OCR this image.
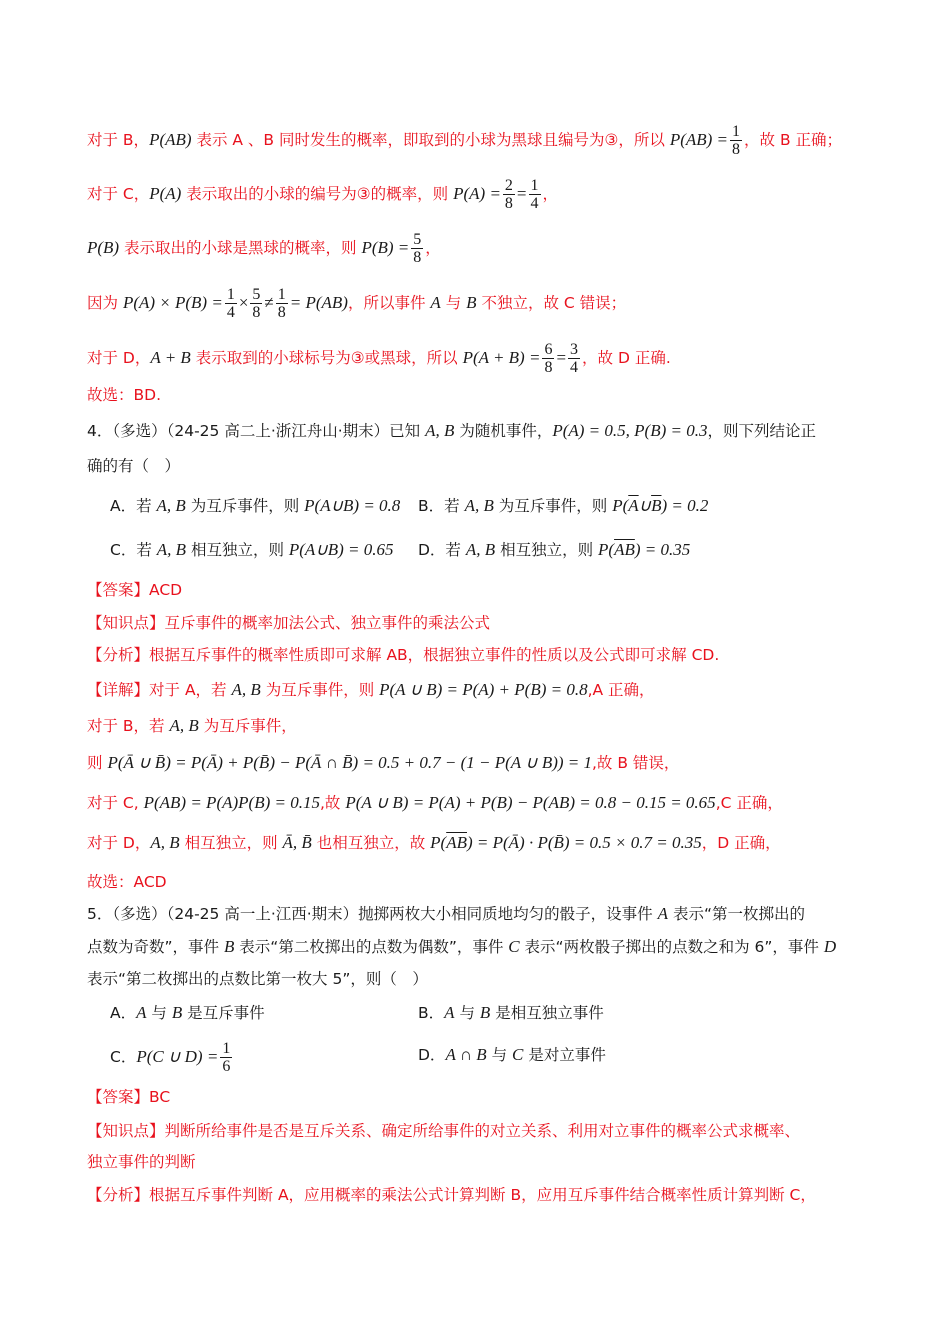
对于 B，P(AB) 表示 A 、B 同时发生的概率，即取到的小球为黑球且编号为③，所以 $P(AB) = \frac{1}{8}$ ，故 B 正确；
对于 C，P(A) 表示取出的小球的编号为③的概率，则 $P(A) = \frac{2}{8} = \frac{1}{4}$ ，
P(B) 表示取出的小球是黑球的概率，则 $P(B) = \frac{5}{8}$ ，
因为 $P(A) \times P(B) = \frac{1}{4} \times \frac{5}{8} \ne \frac{1}{8} = P(AB)$，所以事件 A 与 B 不独立，故 C 错误；
对于 D，A + B 表示取到的小球标号为③或黑球，所以 $P(A + B) = \frac{6}{8} = \frac{3}{4}$ ，故 D 正确.
故选：BD.
4．（多选）（24-25 高二上·浙江舟山·期末）已知 A, B 为随机事件，P(A) = 0.5, P(B) = 0.3，则下列结论正
确的有（　）
A．若 A, B 为互斥事件，则 P(A∪B) = 0.8 B．若 A, B 为互斥事件，则 $P(\overline{A}\cup\overline{B}) = 0.2$
C．若 A, B 相互独立，则 P(A∪B) = 0.65 D．若 A, B 相互独立，则 $P(\overline{AB}) = 0.35$
【答案】ACD
【知识点】互斥事件的概率加法公式、独立事件的乘法公式
【分析】根据互斥事件的概率性质即可求解 AB，根据独立事件的性质以及公式即可求解 CD.
【详解】对于 A，若 A, B 为互斥事件，则 P(A ∪ B) = P(A) + P(B) = 0.8,A 正确，
对于 B，若 A, B 为互斥事件，
则 P(Ā ∪ B̄) = P(Ā) + P(B̄) − P(Ā ∩ B̄) = 0.5 + 0.7 − (1 − P(A ∪ B)) = 1,故 B 错误，
对于 C, P(AB) = P(A)P(B) = 0.15,故 P(A ∪ B) = P(A) + P(B) − P(AB) = 0.8 − 0.15 = 0.65,C 正确，
对于 D，A, B 相互独立，则 Ā, B̄ 也相互独立，故 $P(\overline{AB})$ = P(Ā) · P(B̄) = 0.5 × 0.7 = 0.35，D 正确，
故选：ACD
5．（多选）（24-25 高一上·江西·期末）抛掷两枚大小相同质地均匀的骰子，设事件 A 表示“第一枚掷出的
点数为奇数”，事件 B 表示“第二枚掷出的点数为偶数”，事件 C 表示“两枚骰子掷出的点数之和为 6”，事件 D
表示“第二枚掷出的点数比第一枚大 5”，则（　）
A．A 与 B 是互斥事件	B．A 与 B 是相互独立事件
C．P(C ∪ $D) = \frac{1}{6}$	D．A ∩ B 与 C 是对立事件
【答案】BC
【知识点】判断所给事件是否是互斥关系、确定所给事件的对立关系、利用对立事件的概率公式求概率、
独立事件的判断
【分析】根据互斥事件判断 A，应用概率的乘法公式计算判断 B，应用互斥事件结合概率性质计算判断 C，
